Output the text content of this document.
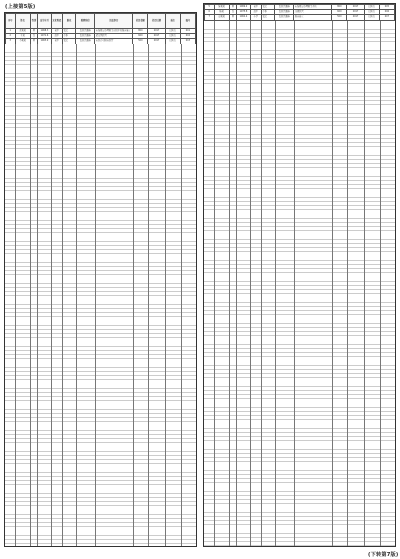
(上接第5版)
序号	姓名	性别	出生年月	文化程度	职业	拟聘岗位	违法事实	处罚金额	处罚日期	备注	编号
1	张某某	男	1968.3	初中	农民	农机具维修	未按规定办理相关审批手续擅自施工	800	2017	已执行	001
2	王某	女	1971.6	高中	个体	农机具维修	超范围经营	600	2017	已执行	002
3	李某某	男	1965.9	初中	农民	农机具维修	未经许可擅自经营	500	2017	已执行	003

5	陈某某	男	1969.2	初中	农民	农机具维修	未按规定办理相关手续	800	2017	已执行	005
6	杨某	女	1975.8	高中	个体	农机具维修	违规经营	600	2017	已执行	006
7	赵某某	男	1962.4	小学	农民	农机具维修	擅自施工	500	2017	已执行	007

(下转第7版)
